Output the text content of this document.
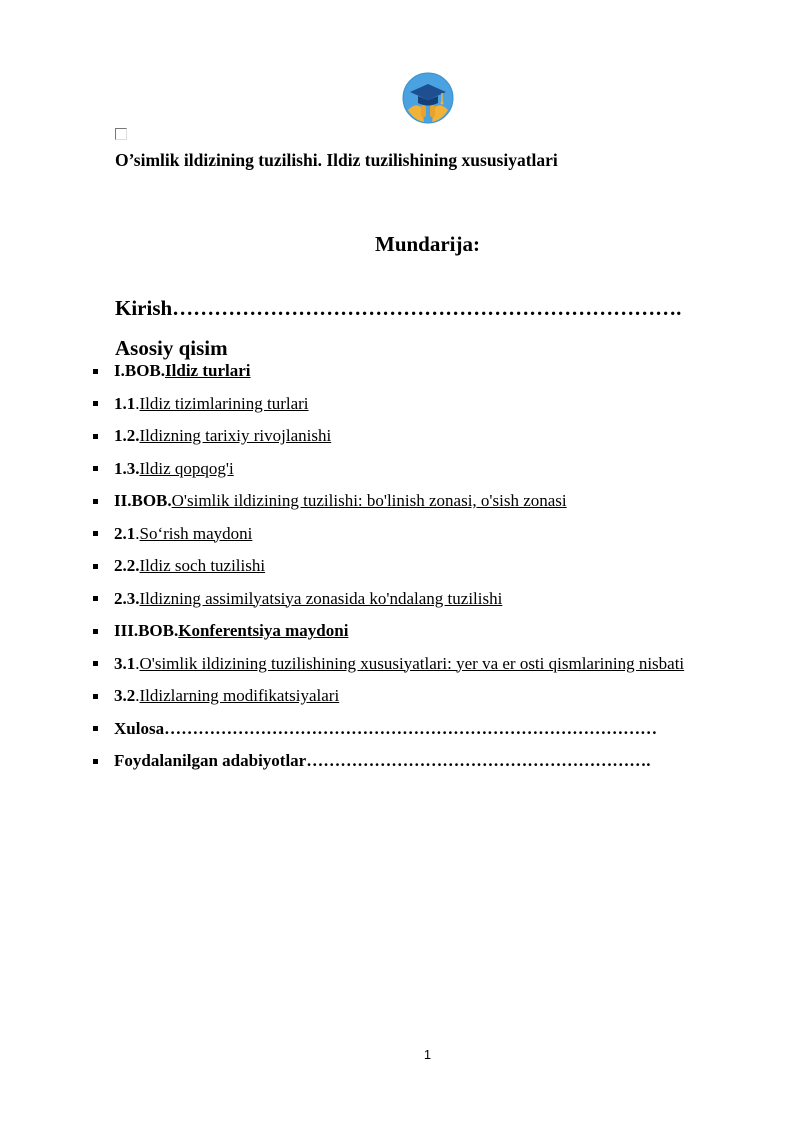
O’simlik ildizining tuzilishi. Ildiz tuzilishining xususiyatlari
Mundarija:
Kirish……………………………………………………………….
Asosiy qisim
I.BOB.Ildiz turlari
1.1.Ildiz tizimlarining turlari
1.2.Ildizning tarixiy rivojlanishi
1.3.Ildiz qopqog'i
II.BOB.O'simlik ildizining tuzilishi: bo'linish zonasi, o'sish zonasi
2.1.So‘rish maydoni
2.2.Ildiz soch tuzilishi
2.3.Ildizning assimilyatsiya zonasida ko'ndalang tuzilishi
III.BOB.Konferentsiya maydoni
3.1.O'simlik ildizining tuzilishining xususiyatlari: yer va er osti qismlarining nisbati
3.2.Ildizlarning modifikatsiyalari
Xulosa……………………………………………………………………………
Foydalanilgan adabiyotlar…………………………………………………….
1
